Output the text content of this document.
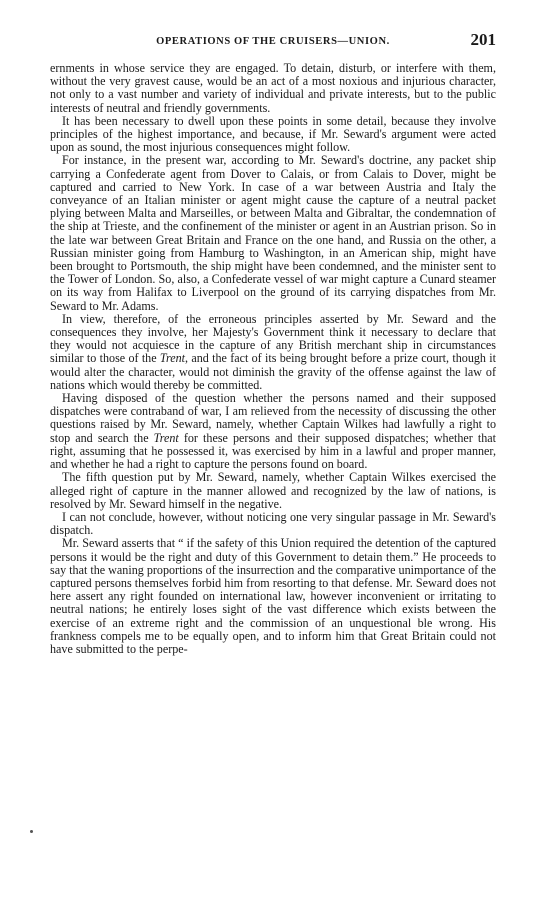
OPERATIONS OF THE CRUISERS—UNION.	201

ernments in whose service they are engaged. To detain, disturb, or interfere with them, without the very gravest cause, would be an act of a most noxious and injurious character, not only to a vast number and variety of individual and private interests, but to the public interests of neutral and friendly governments.

It has been necessary to dwell upon these points in some detail, because they involve principles of the highest importance, and because, if Mr. Seward's argument were acted upon as sound, the most injurious consequences might follow.

For instance, in the present war, according to Mr. Seward's doctrine, any packet ship carrying a Confederate agent from Dover to Calais, or from Calais to Dover, might be captured and carried to New York. In case of a war between Austria and Italy the conveyance of an Italian minister or agent might cause the capture of a neutral packet plying between Malta and Marseilles, or between Malta and Gibraltar, the condemnation of the ship at Trieste, and the confinement of the minister or agent in an Austrian prison. So in the late war between Great Britain and France on the one hand, and Russia on the other, a Russian minister going from Hamburg to Washington, in an American ship, might have been brought to Portsmouth, the ship might have been condemned, and the minister sent to the Tower of London. So, also, a Confederate vessel of war might capture a Cunard steamer on its way from Halifax to Liverpool on the ground of its carrying dispatches from Mr. Seward to Mr. Adams.

In view, therefore, of the erroneous principles asserted by Mr. Seward and the consequences they involve, her Majesty's Government think it necessary to declare that they would not acquiesce in the capture of any British merchant ship in circumstances similar to those of the Trent, and the fact of its being brought before a prize court, though it would alter the character, would not diminish the gravity of the offense against the law of nations which would thereby be committed.

Having disposed of the question whether the persons named and their supposed dispatches were contraband of war, I am relieved from the necessity of discussing the other questions raised by Mr. Seward, namely, whether Captain Wilkes had lawfully a right to stop and search the Trent for these persons and their supposed dispatches; whether that right, assuming that he possessed it, was exercised by him in a lawful and proper manner, and whether he had a right to capture the persons found on board.

The fifth question put by Mr. Seward, namely, whether Captain Wilkes exercised the alleged right of capture in the manner allowed and recognized by the law of nations, is resolved by Mr. Seward himself in the negative.

I can not conclude, however, without noticing one very singular passage in Mr. Seward's dispatch.

Mr. Seward asserts that “ if the safety of this Union required the detention of the captured persons it would be the right and duty of this Government to detain them.” He proceeds to say that the waning proportions of the insurrection and the comparative unimportance of the captured persons themselves forbid him from resorting to that defense. Mr. Seward does not here assert any right founded on international law, however inconvenient or irritating to neutral nations; he entirely loses sight of the vast difference which exists between the exercise of an extreme right and the commission of an unquestional ble wrong. His frankness compels me to be equally open, and to inform him that Great Britain could not have submitted to the perpe-
